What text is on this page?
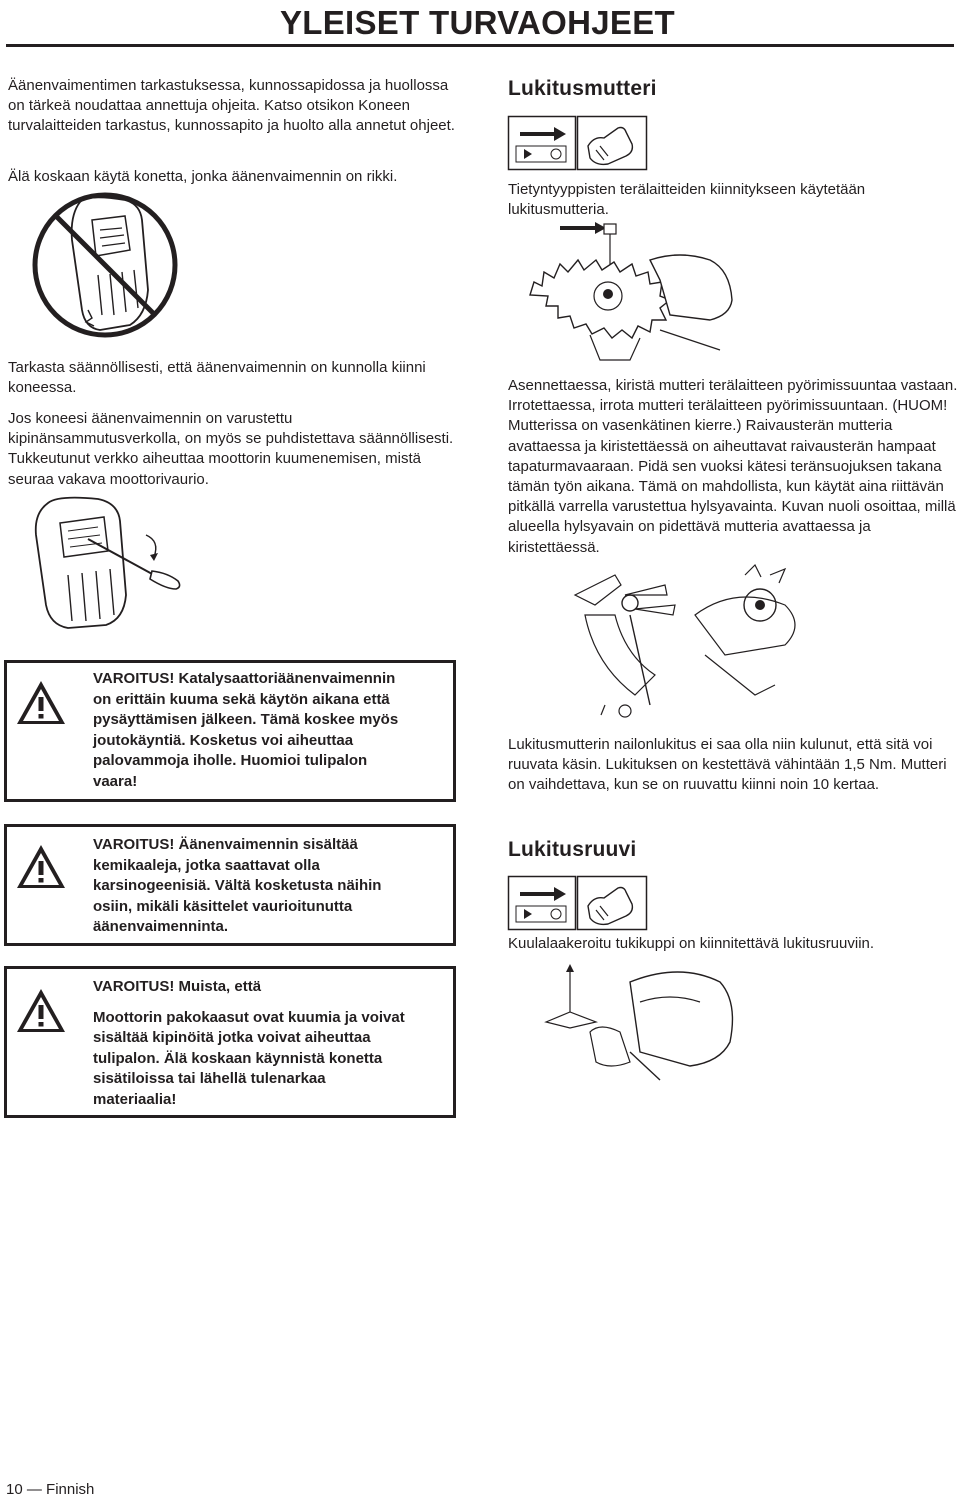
YLEISET TURVAOHJEET

Äänenvaimentimen tarkastuksessa, kunnossapidossa ja huollossa on tärkeä noudattaa annettuja ohjeita. Katso otsikon Koneen turvalaitteiden tarkastus, kunnossapito ja huolto alla annetut ohjeet.

Älä koskaan käytä konetta, jonka äänenvaimennin on rikki.

Tarkasta säännöllisesti, että äänenvaimennin on kunnolla kiinni koneessa.

Jos koneesi äänenvaimennin on varustettu kipinänsammutusverkolla, on myös se puhdistettava säännöllisesti. Tukkeutunut verkko aiheuttaa moottorin kuumenemisen, mistä seuraa vakava moottorivaurio.

VAROITUS! Katalysaattoriäänenvaimennin
on erittäin kuuma sekä käytön aikana että
pysäyttämisen jälkeen. Tämä koskee myös
joutokäyntiä. Kosketus voi aiheuttaa
palovammoja iholle. Huomioi tulipalon
vaara!
VAROITUS! Äänenvaimennin sisältää
kemikaaleja, jotka saattavat olla
karsinogeenisiä. Vältä kosketusta näihin
osiin, mikäli käsittelet vaurioitunutta
äänenvaimenninta.
VAROITUS! Muista, että
Moottorin pakokaasut ovat kuumia ja voivat
sisältää kipinöitä jotka voivat aiheuttaa
tulipalon. Älä koskaan käynnistä konetta
sisätiloissa tai lähellä tulenarkaa
materiaalia!
Lukitusmutteri

Tietyntyyppisten terälaitteiden kiinnitykseen käytetään lukitusmutteria.

Asennettaessa, kiristä mutteri terälaitteen pyörimissuuntaa vastaan. Irrotettaessa, irrota mutteri terälaitteen pyörimissuuntaan. (HUOM! Mutterissa on vasenkätinen kierre.) Raivausterän mutteria avattaessa ja kiristettäessä on aiheuttavat raivausterän hampaat tapaturmavaaraan. Pidä sen vuoksi kätesi teränsuojuksen takana tämän työn aikana. Tämä on mahdollista, kun käytät aina riittävän pitkällä varrella varustettua hylsyavainta. Kuvan nuoli osoittaa, millä alueella hylsyavain on pidettävä mutteria avattaessa ja kiristettäessä.

Lukitusmutterin nailonlukitus ei saa olla niin kulunut, että sitä voi ruuvata käsin. Lukituksen on kestettävä vähintään 1,5 Nm. Mutteri on vaihdettava, kun se on ruuvattu kiinni noin 10 kertaa.

Lukitusruuvi

Kuulalaakeroitu tukikuppi on kiinnitettävä lukitusruuviin.

10 — Finnish
